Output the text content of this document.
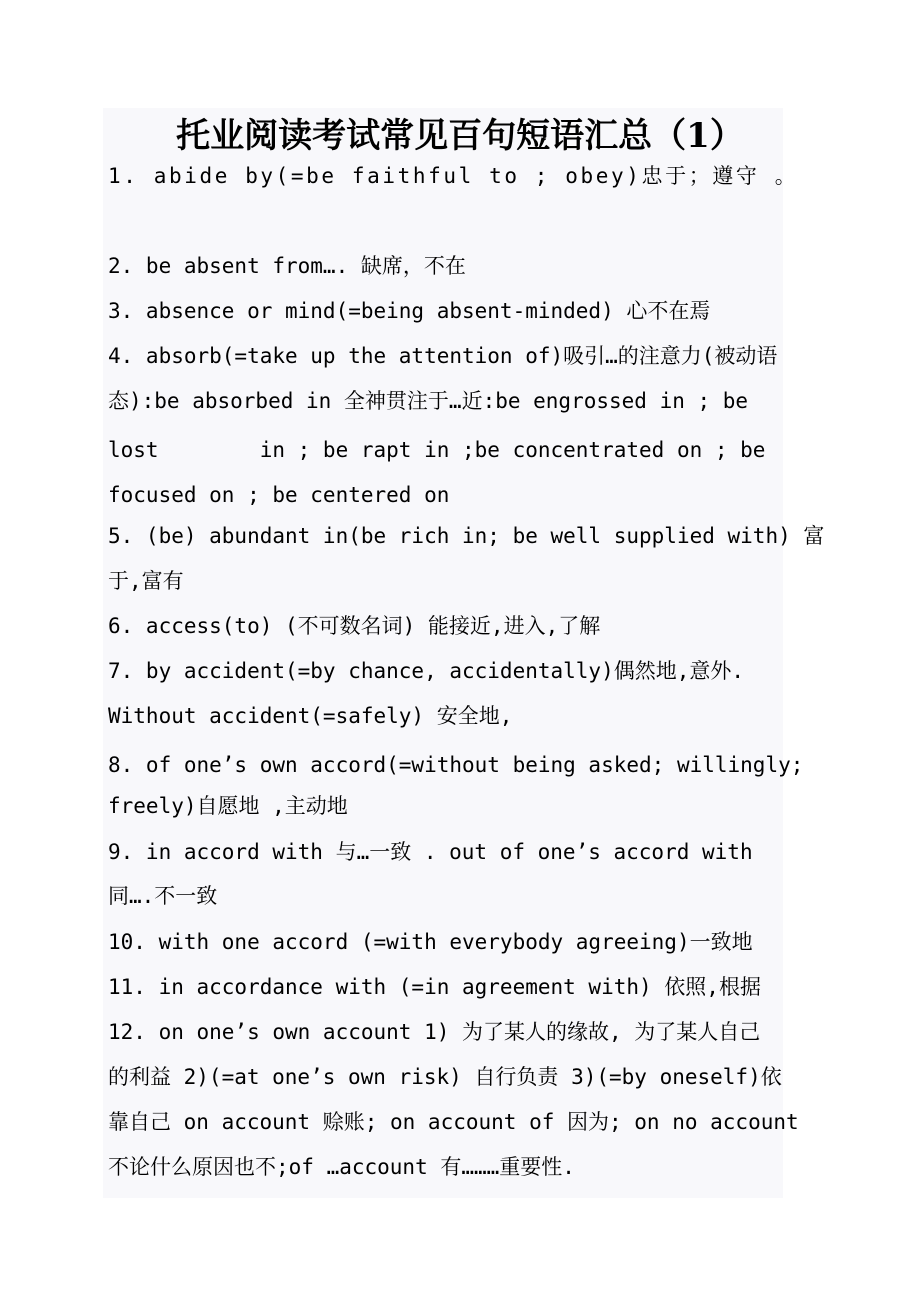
托业阅读考试常见百句短语汇总（1）
1. abide by(=be faithful to ; obey)忠于；遵守 。
2. be absent from…. 缺席，不在
3. absence or mind(=being absent-minded) 心不在焉
4. absorb(=take up the attention of)吸引…的注意力(被动语
态):be absorbed in 全神贯注于…近:be engrossed in ; be
lost        in ; be rapt in ;be concentrated on ; be
focused on ; be centered on
5. (be) abundant in(be rich in; be well supplied with) 富
于,富有
6. access(to) (不可数名词) 能接近,进入,了解
7. by accident(=by chance, accidentally)偶然地,意外.
Without accident(=safely) 安全地,
8. of one’s own accord(=without being asked; willingly;
freely)自愿地 ,主动地
9. in accord with 与…一致 . out of one’s accord with
同….不一致
10. with one accord (=with everybody agreeing)一致地
11. in accordance with (=in agreement with) 依照,根据
12. on one’s own account 1) 为了某人的缘故, 为了某人自己
的利益 2)(=at one’s own risk) 自行负责 3)(=by oneself)依
靠自己 on account 赊账; on account of 因为; on no account
不论什么原因也不;of …account 有………重要性.
